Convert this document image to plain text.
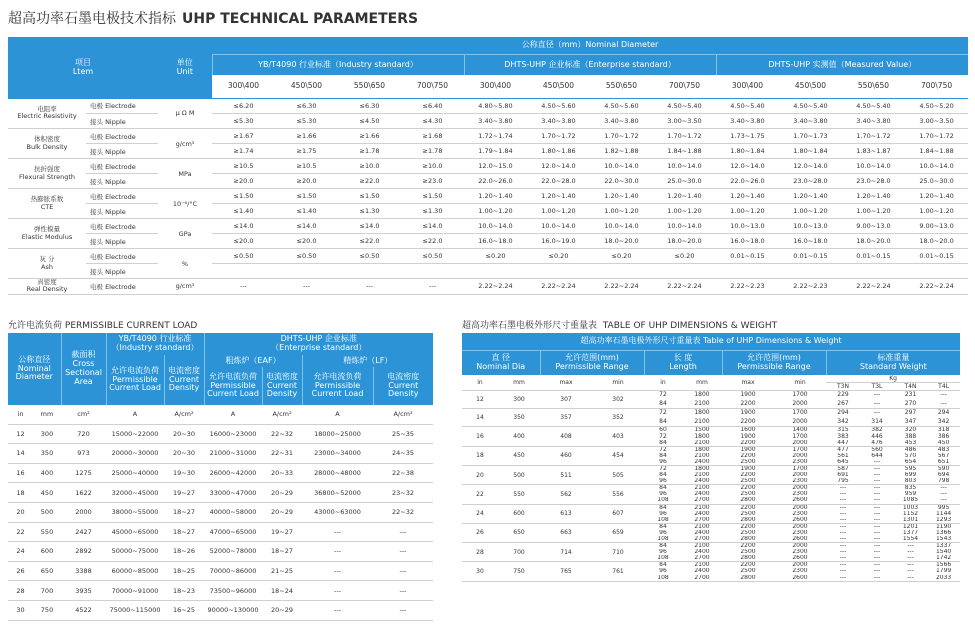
超高功率石墨电极技术指标 UHP TECHNICAL PARAMETERS
项目
Ltem		单位
Unit	公称直径（mm）Nominal Diameter											
			YB/T4090 行业标准（Industry standard）				DHTS-UHP 企业标准（Enterprise standard）				DHTS-UHP 实测值（Measured Value）			
			300\400	450\500	550\650	700\750	300\400	450\500	550\650	700\750	300\400	450\500	550\650	700\750
电阻率
Electric Resistivity	电极 Electrode	μ Ω M	≤6.20	≤6.30	≤6.30	≤6.40	4.80~5.80	4.50~5.60	4.50~5.60	4.50~5.40	4.50~5.40	4.50~5.40	4.50~5.40	4.50~5.20
	接头 Nipple		≤5.30	≤5.30	≤4.50	≤4.30	3.40~3.80	3.40~3.80	3.40~3.80	3.00~3.50	3.40~3.80	3.40~3.80	3.40~3.80	3.00~3.50
体积密度
Bulk Density	电极 Electrode	g/cm³	≥1.67	≥1.66	≥1.66	≥1.68	1.72~1.74	1.70~1.72	1.70~1.72	1.70~1.72	1.73~1.75	1.70~1.73	1.70~1.72	1.70~1.72
	接头 Nipple		≥1.74	≥1.75	≥1.78	≥1.78	1.79~1.84	1.80~1.86	1.82~1.88	1.84~1.88	1.80~1.84	1.80~1.84	1.83~1.87	1.84~1.88
抗折强度
Flexural Strength	电极 Electrode	MPa	≥10.5	≥10.5	≥10.0	≥10.0	12.0~15.0	12.0~14.0	10.0~14.0	10.0~14.0	12.0~14.0	12.0~14.0	10.0~14.0	10.0~14.0
	接头 Nipple		≥20.0	≥20.0	≥22.0	≥23.0	22.0~26.0	22.0~28.0	22.0~30.0	25.0~30.0	22.0~26.0	23.0~28.0	23.0~28.0	25.0~30.0
热膨胀系数
CTE	电极 Electrode	10⁻⁶/°C	≤1.50	≤1.50	≤1.50	≤1.50	1.20~1.40	1.20~1.40	1.20~1.40	1.20~1.40	1.20~1.40	1.20~1.40	1.20~1.40	1.20~1.40
	接头 Nipple		≤1.40	≤1.40	≤1.30	≤1.30	1.00~1.20	1.00~1.20	1.00~1.20	1.00~1.20	1.00~1.20	1.00~1.20	1.00~1.20	1.00~1.20
弹性模量
Elastic Modulus	电极 Electrode	GPa	≤14.0	≤14.0	≤14.0	≤14.0	10.0~14.0	10.0~14.0	10.0~14.0	10.0~14.0	10.0~13.0	10.0~13.0	9.00~13.0	9.00~13.0
	接头 Nipple		≤20.0	≤20.0	≤22.0	≤22.0	16.0~18.0	16.0~19.0	18.0~20.0	18.0~20.0	16.0~18.0	16.0~18.0	18.0~20.0	18.0~20.0
灰 分
Ash	电极 Electrode	%	≤0.50	≤0.50	≤0.50	≤0.50	≤0.20	≤0.20	≤0.20	≤0.20	0.01~0.15	0.01~0.15	0.01~0.15	0.01~0.15
	接头 Nipple													
真密度
Real Density	电极 Electrode	g/cm³	---	---	---	---	2.22~2.24	2.22~2.24	2.22~2.24	2.22~2.24	2.22~2.23	2.22~2.23	2.22~2.24	2.22~2.24
允许电流负荷 PERMISSIBLE CURRENT LOAD
公称直径
Nominal
Diameter		截面积
Cross
Sectional
Area	YB/T4090 行业标准
（Industry standard）		DHTS-UHP 企业标准
（Enterprise standard）			
			允许电流负荷
Permissible
Current Load	电流密度
Current
Density	粗炼炉（EAF）		精炼炉（LF）	
					允许电流负荷
Permissible
Current Load	电流密度
Current
Density	允许电流负荷
Permissible
Current Load	电流密度
Current
Density
in	mm	cm²	A	A/cm²	A	A/cm²	A	A/cm²
12	300	720	15000~22000	20~30	16000~23000	22~32	18000~25000	25~35
14	350	973	20000~30000	20~30	21000~31000	22~31	23000~34000	24~35
16	400	1275	25000~40000	19~30	26000~42000	20~33	28000~48000	22~38
18	450	1622	32000~45000	19~27	33000~47000	20~29	36800~52000	23~32
20	500	2000	38000~55000	18~27	40000~58000	20~29	43000~63000	22~32
22	550	2427	45000~65000	18~27	47000~65000	19~27	---	---
24	600	2892	50000~75000	18~26	52000~78000	18~27	---	---
26	650	3388	60000~85000	18~25	70000~86000	21~25	---	---
28	700	3935	70000~91000	18~23	73500~96000	18~24	---	---
30	750	4522	75000~115000	16~25	90000~130000	20~29	---	---
超高功率石墨电极外形尺寸重量表 TABLE OF UHP DIMENSIONS & WEIGHT
超高功率石墨电极外形尺寸重量表 Table of UHP Dimensions & Weight											
直 径
Nominal Dia		允许范围(mm)
Permissible Range		长 度
Length		允许范围(mm)
Permissible Range		标准重量
Standard Weight			
in	mm	max	min	in	mm	max	min	Kg			
								T3N	T3L	T4N	T4L
12	300	307	302	72	1800	1900	1700	229	---	231	---
				84	2100	2200	2000	267	---	270	---
14	350	357	352	72	1800	1900	1700	294	---	297	294
				84	2100	2200	2000	342	314	347	342
16	400	408	403	60	1500	1600	1400	315	382	320	318
				72	1800	1900	1700	383	446	388	386
				84	2100	2200	2000	447	476	453	450
18	450	460	454	72	1800	1900	1700	477	560	486	483
				84	2100	2200	2000	561	644	570	567
				96	2400	2500	2300	645	---	654	651
20	500	511	505	72	1800	1900	1700	587	---	595	590
				84	2100	2200	2000	691	---	699	694
				96	2400	2500	2300	795	---	803	798
22	550	562	556	84	2100	2200	2000	---	---	835	---
				96	2400	2500	2300	---	---	959	---
				108	2700	2800	2600	---	---	1085	---
24	600	613	607	84	2100	2200	2000	---	---	1003	995
				96	2400	2500	2300	---	---	1152	1144
				108	2700	2800	2600	---	---	1301	1293
26	650	663	659	84	2100	2200	2000	---	---	1201	1190
				96	2400	2500	2300	---	---	1377	1366
				108	2700	2800	2600	---	---	1554	1543
28	700	714	710	84	2100	2200	2000	---	---	---	1337
				96	2400	2500	2300	---	---	---	1540
				108	2700	2800	2600	---	---	---	1742
30	750	765	761	84	2100	2200	2000	---	---	---	1566
				96	2400	2500	2300	---	---	---	1799
				108	2700	2800	2600	---	---	---	2033
